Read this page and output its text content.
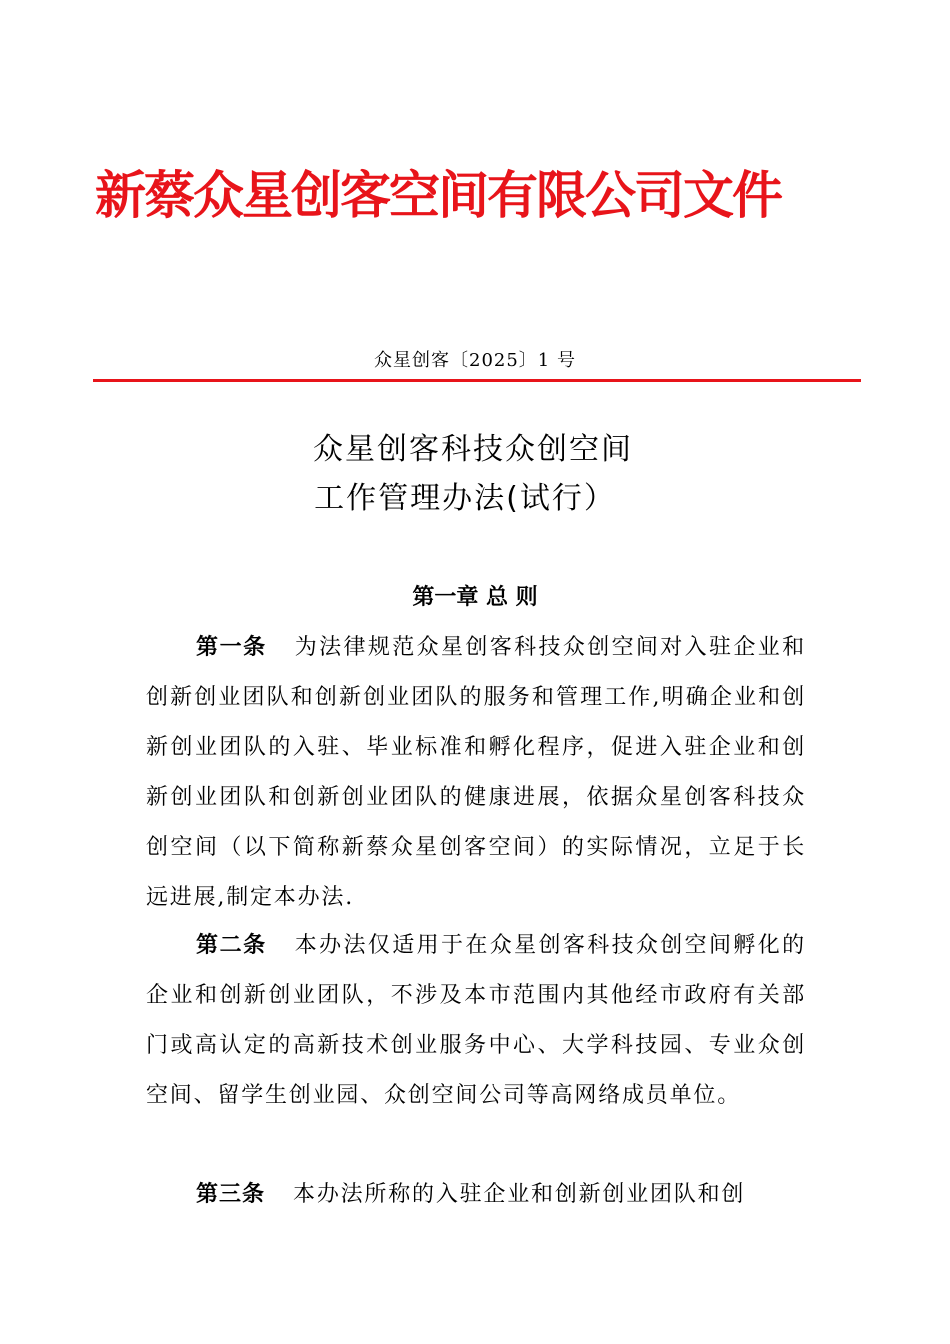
新蔡众星创客空间有限公司文件
众星创客〔2025〕1 号
众星创客科技众创空间
工作管理办法(试行）
第一章 总 则
第一条 为法律规范众星创客科技众创空间对入驻企业和创新创业团队和创新创业团队的服务和管理工作,明确企业和创新创业团队的入驻、毕业标准和孵化程序，促进入驻企业和创新创业团队和创新创业团队的健康进展，依据众星创客科技众创空间（以下简称新蔡众星创客空间）的实际情况，立足于长远进展,制定本办法.
第二条 本办法仅适用于在众星创客科技众创空间孵化的企业和创新创业团队，不涉及本市范围内其他经市政府有关部门或高认定的高新技术创业服务中心、大学科技园、专业众创空间、留学生创业园、众创空间公司等高网络成员单位。
第三条 本办法所称的入驻企业和创新创业团队和创
